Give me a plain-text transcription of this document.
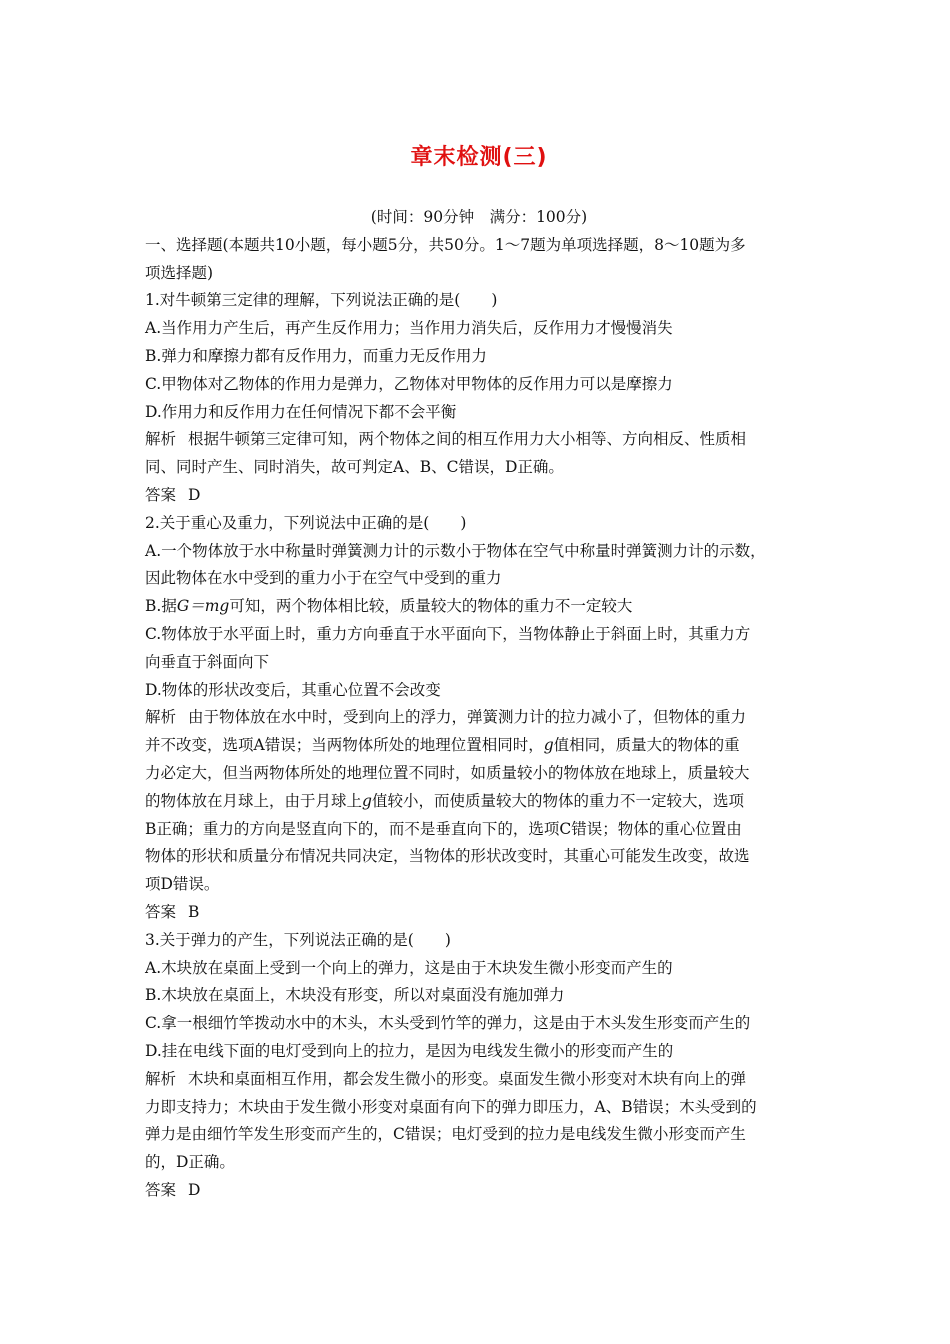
章末检测(三)
(时间：90分钟　满分：100分)
一、选择题(本题共10小题，每小题5分，共50分。1～7题为单项选择题，8～10题为多
项选择题)
1.对牛顿第三定律的理解，下列说法正确的是(　　)
A.当作用力产生后，再产生反作用力；当作用力消失后，反作用力才慢慢消失
B.弹力和摩擦力都有反作用力，而重力无反作用力
C.甲物体对乙物体的作用力是弹力，乙物体对甲物体的反作用力可以是摩擦力
D.作用力和反作用力在任何情况下都不会平衡
解析 根据牛顿第三定律可知，两个物体之间的相互作用力大小相等、方向相反、性质相
同、同时产生、同时消失，故可判定A、B、C错误，D正确。
答案 D
2.关于重心及重力，下列说法中正确的是(　　)
A.一个物体放于水中称量时弹簧测力计的示数小于物体在空气中称量时弹簧测力计的示数，
因此物体在水中受到的重力小于在空气中受到的重力
B.据G＝mg可知，两个物体相比较，质量较大的物体的重力不一定较大
C.物体放于水平面上时，重力方向垂直于水平面向下，当物体静止于斜面上时，其重力方
向垂直于斜面向下
D.物体的形状改变后，其重心位置不会改变
解析 由于物体放在水中时，受到向上的浮力，弹簧测力计的拉力减小了，但物体的重力
并不改变，选项A错误；当两物体所处的地理位置相同时，g值相同，质量大的物体的重
力必定大，但当两物体所处的地理位置不同时，如质量较小的物体放在地球上，质量较大
的物体放在月球上，由于月球上g值较小，而使质量较大的物体的重力不一定较大，选项
B正确；重力的方向是竖直向下的，而不是垂直向下的，选项C错误；物体的重心位置由
物体的形状和质量分布情况共同决定，当物体的形状改变时，其重心可能发生改变，故选
项D错误。
答案 B
3.关于弹力的产生，下列说法正确的是(　　)
A.木块放在桌面上受到一个向上的弹力，这是由于木块发生微小形变而产生的
B.木块放在桌面上，木块没有形变，所以对桌面没有施加弹力
C.拿一根细竹竿拨动水中的木头，木头受到竹竿的弹力，这是由于木头发生形变而产生的
D.挂在电线下面的电灯受到向上的拉力，是因为电线发生微小的形变而产生的
解析 木块和桌面相互作用，都会发生微小的形变。桌面发生微小形变对木块有向上的弹
力即支持力；木块由于发生微小形变对桌面有向下的弹力即压力，A、B错误；木头受到的
弹力是由细竹竿发生形变而产生的，C错误；电灯受到的拉力是电线发生微小形变而产生
的，D正确。
答案 D
